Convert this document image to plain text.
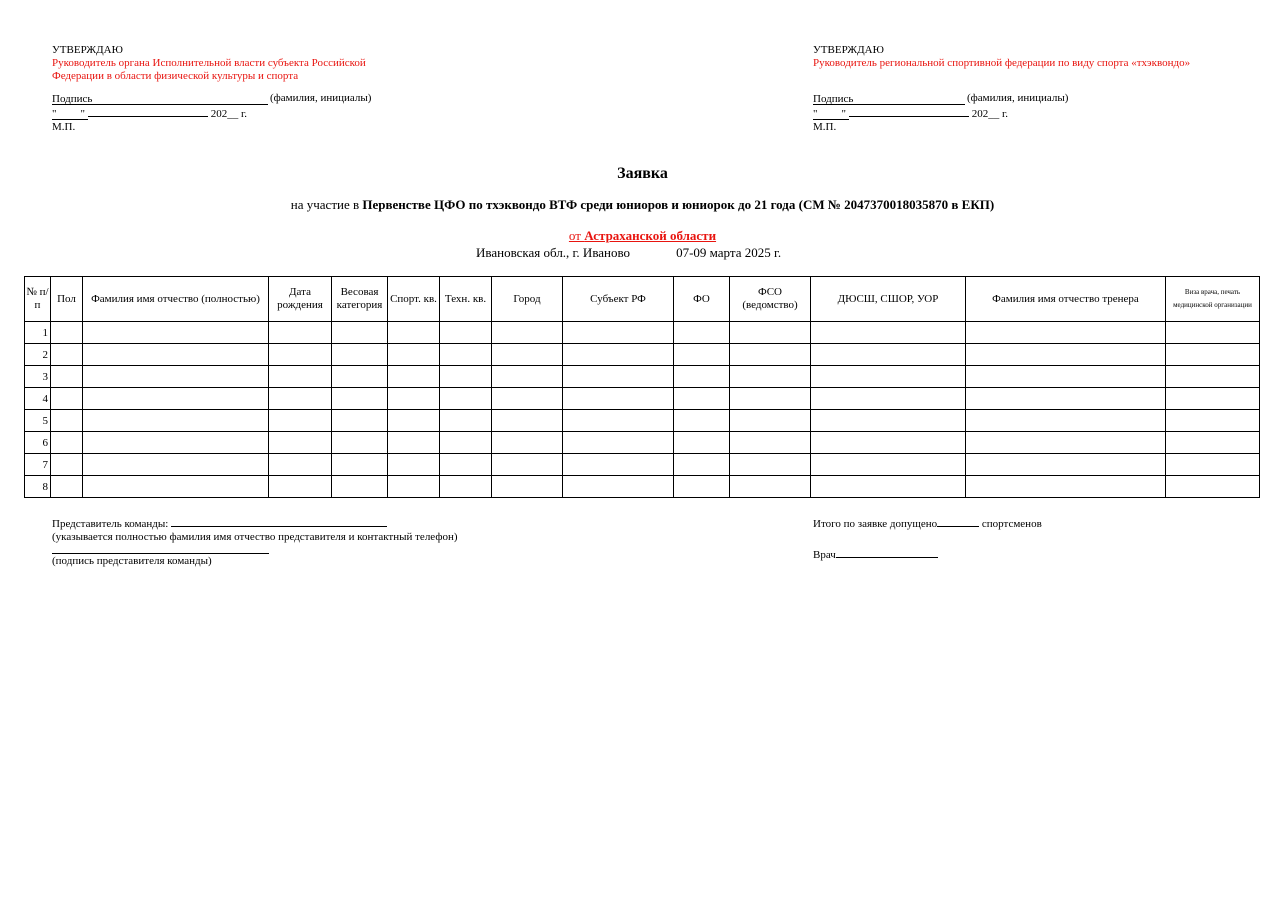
УТВЕРЖДАЮ
Руководитель органа Исполнительной власти субъекта Российской
Федерации в области физической культуры и спорта
Подпись	(фамилия, инициалы)
" "	202__ г.
М.П.
УТВЕРЖДАЮ
Руководитель региональной спортивной федерации по виду спорта «тхэквондо»
Подпись	(фамилия, инициалы)
" "	202__ г.
М.П.
Заявка
на участие в Первенстве ЦФО по тхэквондо ВТФ среди юниоров и юниорок до 21 года (СМ № 2047370018035870 в ЕКП)
от Астраханской области
Ивановская обл., г. Иваново	07-09 марта 2025 г.
№ п/п	Пол	Фамилия имя отчество (полностью)	Дата рождения	Весовая категория	Спорт. кв.	Техн. кв.	Город	Субъект РФ	ФО	ФСО (ведомство)	ДЮСШ, СШОР, УОР	Фамилия имя отчество тренера	Виза врача, печать медицинской организации
1													
2													
3													
4													
5													
6													
7													
8													
Представитель команды:
(указывается полностью фамилия имя отчество представителя и контактный телефон)
(подпись представителя команды)
Итого по заявке допущено	спортсменов
Врач
